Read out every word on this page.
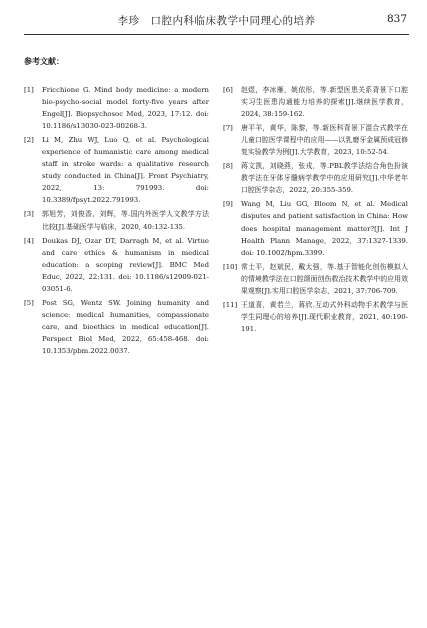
李珍　口腔内科临床教学中同理心的培养	837
参考文献：
[1]	Fricchione G. Mind body medicine: a modern bio-psycho-social model forty-five years after Engel[J]. Biopsychosoc Med, 2023, 17:12. doi: 10.1186/s13030-023-00268-3.
[2]	Li M, Zhu WJ, Luo Q, et al. Psychological experience of humanistic care among medical staff in stroke wards: a qualitative research study conducted in China[J]. Front Psychiatry, 2022, 13: 791993. doi: 10.3389/fpsyt.2022.791993.
[3]	郭旭芳，刘俊香，刘辉，等.国内外医学人文教学方法比较[J].基础医学与临床，2020, 40:132-135.
[4]	Doukas DJ, Ozar DT, Darragh M, et al. Virtue and care ethics & humanism in medical education: a scoping review[J]. BMC Med Educ, 2022, 22:131. doi: 10.1186/s12909-021-03051-6.
[5]	Post SG, Wentz SW. Joining humanity and science: medical humanities, compassionate care, and bioethics in medical education[J]. Perspect Biol Med, 2022, 65:458-468. doi: 10.1353/pbm.2022.0037.
[6]	赵煜，李冰雁，姚依彤，等.新型医患关系背景下口腔实习生医患沟通能力培养的探索[J].继续医学教育，2024, 38:159-162.
[7]	唐平羊，黄华，陈黎，等.新医科背景下混合式教学在儿童口腔医学课程中的应用——以乳磨牙金属预成冠修复实验教学为例[J].大学教育，2023, 10:52-54.
[8]	蒋文凯，刘晓燕，张戎，等.PBL教学法结合角色扮演教学法在牙体牙髓病学教学中的应用研究[J].中华老年口腔医学杂志，2022, 20:355-359.
[9]	Wang M, Liu GG, Bloom N, et al. Medical disputes and patient satisfaction in China: How does hospital management matter?[J]. Int J Health Plann Manage, 2022, 37:1327-1339. doi: 10.1002/hpm.3399.
[10] 常士平，赵斌民，戴太强，等.基于智能化创伤模拟人的情境教学法在口腔颌面创伤救治技术教学中的应用效果观察[J].实用口腔医学杂志，2021, 37:706-709.
[11] 王道喜，黄若兰，蒋欣.互动式外科动物手术教学与医学生同理心的培养[J].现代职业教育，2021, 40:190-191.
